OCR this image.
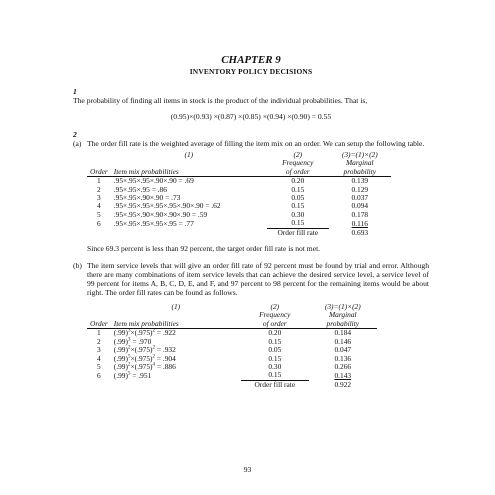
CHAPTER 9
INVENTORY POLICY DECISIONS
1

The probability of finding all items in stock is the product of the individual probabilities. That is,

(0.95)×(0.93) ×(0.87) ×(0.85) ×(0.94) ×(0.90) = 0.55
2
(a) The order fill rate is the weighted average of filling the item mix on an order. We can setup the following table.
	(1)	(2)	(3)=(1)×(2)
		Frequency	Marginal
Order	Item mix probabilities	of order	probability
1	.95×.95×.95×.90×.90 = .69	0.20	0.139
2	.95×.95×.95 = .86	0.15	0.129
3	.95×.95×.90×.90 = .73	0.05	0.037
4	.95×.95×.95×.95×.95×.90×.90 = .62	0.15	0.094
5	.95×.95×.90×.90×.90×.90 = .59	0.30	0.178
6	.95×.95×.95×.95×.95 = .77	0.15	0.116
		Order fill rate	0.693

Since 69.3 percent is less than 92 percent, the target order fill rate is not met.

(b) The item service levels that will give an order fill rate of 92 percent must be found by trial and error. Although there are many combinations of item service levels that can achieve the desired service level, a service level of 99 percent for items A, B, C, D, E, and F, and 97 percent to 98 percent for the remaining items would be about right. The order fill rates can be found as follows.
	(1)	(2)	(3)=(1)×(2)
		Frequency	Marginal
Order	Item mix probabilities	of order	probability
1	$(.99)^3\times(.975)^2 = .922$	0.20	0.184
2	$(.99)^3 = .970$	0.15	0.146
3	$(.99)^2\times(.975)^2 = .932$	0.05	0.047
4	$(.99)^5\times(.975)^2 = .904$	0.15	0.136
5	$(.99)^2\times(.975)^4 = .886$	0.30	0.266
6	$(.99)^5 = .951$	0.15	0.143
		Order fill rate	0.922
93
